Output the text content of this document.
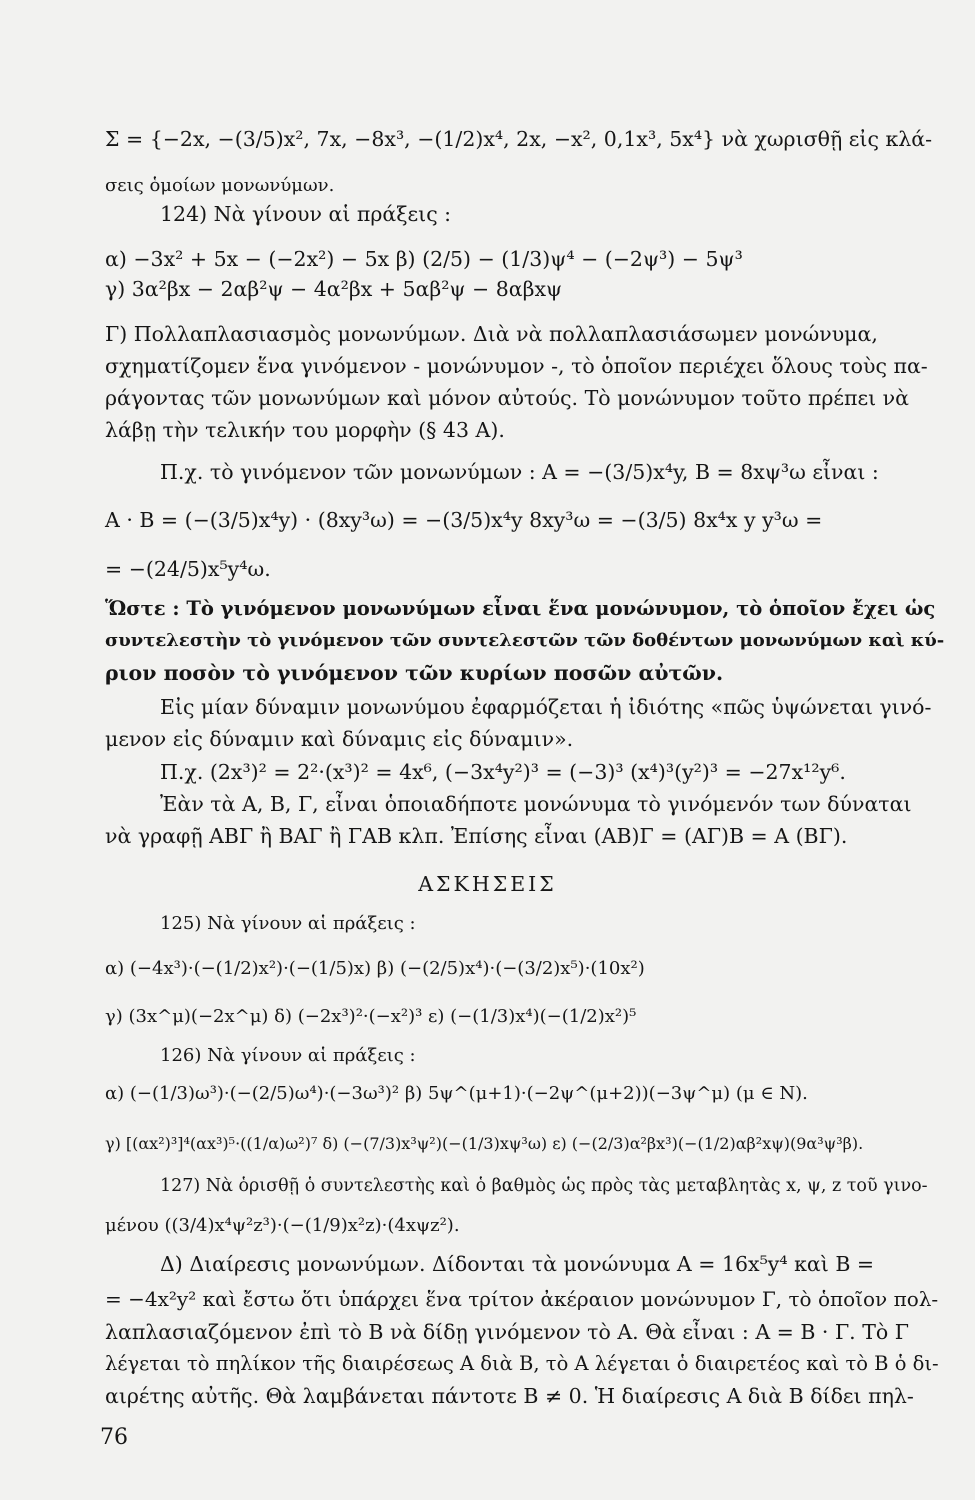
Σ = {−2x, −(3/5)x², 7x, −8x³, −(1/2)x⁴, 2x, −x², 0,1x³, 5x⁴} νὰ χωρισθῇ εἰς κλά-
σεις ὁμοίων μονωνύμων.
124) Νὰ γίνουν αἱ πράξεις :
α) −3x² + 5x − (−2x²) − 5x β) (2/5) − (1/3)ψ⁴ − (−2ψ³) − 5ψ³
γ) 3α²βx − 2αβ²ψ − 4α²βx + 5αβ²ψ − 8αβxψ
Γ) Πολλαπλασιασμὸς μονωνύμων. Διὰ νὰ πολλαπλασιάσωμεν μονώνυμα,
σχηματίζομεν ἕνα γινόμενον - μονώνυμον -, τὸ ὁποῖον περιέχει ὅλους τοὺς πα-
ράγοντας τῶν μονωνύμων καὶ μόνον αὐτούς. Τὸ μονώνυμον τοῦτο πρέπει νὰ
λάβῃ τὴν τελικήν του μορφὴν (§ 43 Α).
Π.χ. τὸ γινόμενον τῶν μονωνύμων : Α = −(3/5)x⁴y, Β = 8xψ³ω εἶναι :
Α · Β = (−(3/5)x⁴y) · (8xy³ω) = −(3/5)x⁴y 8xy³ω = −(3/5) 8x⁴x y y³ω =
= −(24/5)x⁵y⁴ω.
Ὥστε : Τὸ γινόμενον μονωνύμων εἶναι ἕνα μονώνυμον, τὸ ὁποῖον ἔχει ὡς
συντελεστὴν τὸ γινόμενον τῶν συντελεστῶν τῶν δοθέντων μονωνύμων καὶ κύ-
ριον ποσὸν τὸ γινόμενον τῶν κυρίων ποσῶν αὐτῶν.
Εἰς μίαν δύναμιν μονωνύμου ἐφαρμόζεται ἡ ἰδιότης «πῶς ὑψώνεται γινό-
μενον εἰς δύναμιν καὶ δύναμις εἰς δύναμιν».
Π.χ. (2x³)² = 2²·(x³)² = 4x⁶, (−3x⁴y²)³ = (−3)³ (x⁴)³(y²)³ = −27x¹²y⁶.
Ἐὰν τὰ Α, Β, Γ, εἶναι ὁποιαδήποτε μονώνυμα τὸ γινόμενόν των δύναται
νὰ γραφῇ ΑΒΓ ἢ ΒΑΓ ἢ ΓΑΒ κλπ. Ἐπίσης εἶναι (ΑΒ)Γ = (ΑΓ)Β = Α (ΒΓ).
ΑΣΚΗΣΕΙΣ
125) Νὰ γίνουν αἱ πράξεις :
α) (−4x³)·(−(1/2)x²)·(−(1/5)x) β) (−(2/5)x⁴)·(−(3/2)x⁵)·(10x²)
γ) (3x^μ)(−2x^μ) δ) (−2x³)²·(−x²)³ ε) (−(1/3)x⁴)(−(1/2)x²)⁵
126) Νὰ γίνουν αἱ πράξεις :
α) (−(1/3)ω³)·(−(2/5)ω⁴)·(−3ω³)² β) 5ψ^(μ+1)·(−2ψ^(μ+2))(−3ψ^μ) (μ ∈ N).
γ) [(αx²)³]⁴(αx³)⁵·((1/α)ω²)⁷ δ) (−(7/3)x³ψ²)(−(1/3)xψ³ω) ε) (−(2/3)α²βx³)(−(1/2)αβ²xψ)(9α³ψ³β).
127) Νὰ ὁρισθῇ ὁ συντελεστὴς καὶ ὁ βαθμὸς ὡς πρὸς τὰς μεταβλητὰς x, ψ, z τοῦ γινο-
μένου ((3/4)x⁴ψ²z³)·(−(1/9)x²z)·(4xψz²).
Δ) Διαίρεσις μονωνύμων. Δίδονται τὰ μονώνυμα Α = 16x⁵y⁴ καὶ Β =
= −4x²y² καὶ ἔστω ὅτι ὑπάρχει ἕνα τρίτον ἀκέραιον μονώνυμον Γ, τὸ ὁποῖον πολ-
λαπλασιαζόμενον ἐπὶ τὸ Β νὰ δίδῃ γινόμενον τὸ Α. Θὰ εἶναι : Α = Β · Γ. Τὸ Γ
λέγεται τὸ πηλίκον τῆς διαιρέσεως Α διὰ Β, τὸ Α λέγεται ὁ διαιρετέος καὶ τὸ Β ὁ δι-
αιρέτης αὐτῆς. Θὰ λαμβάνεται πάντοτε Β ≠ 0. Ἡ διαίρεσις Α διὰ Β δίδει πηλ-
76
